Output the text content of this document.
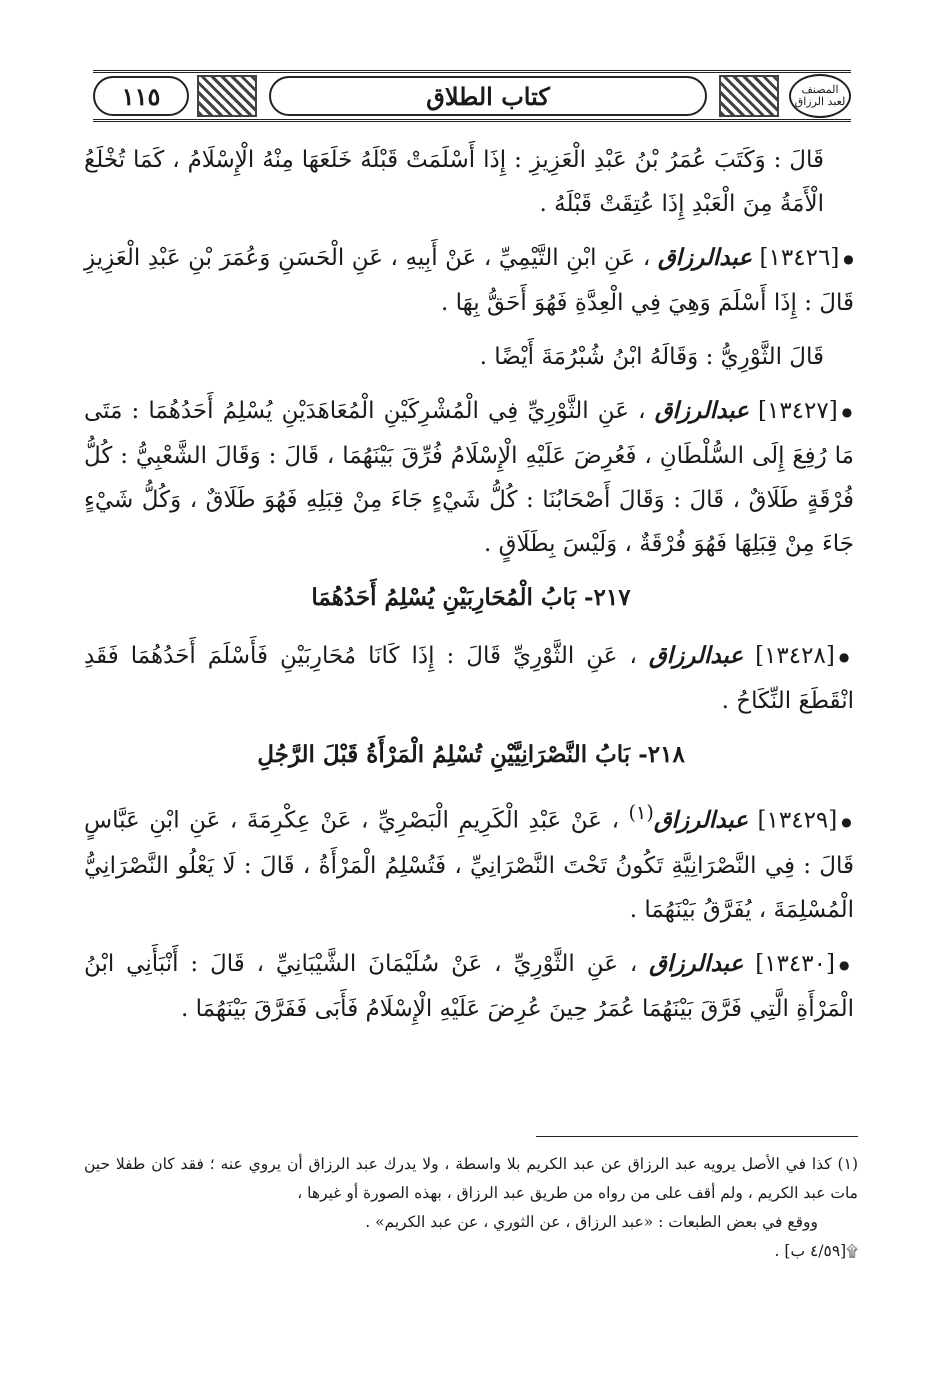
المصنف لعبد الرزاق
كتاب الطلاق
١١٥

قَالَ : وَكَتَبَ عُمَرُ بْنُ عَبْدِ الْعَزِيزِ : إِذَا أَسْلَمَتْ قَبْلَهُ خَلَعَهَا مِنْهُ الْإِسْلَامُ ، كَمَا تُخْلَعُ الْأَمَةُ مِنَ الْعَبْدِ إِذَا عُتِقَتْ قَبْلَهُ .

●[١٣٤٢٦] عبدالرزاق ، عَنِ ابْنِ التَّيْمِيِّ ، عَنْ أَبِيهِ ، عَنِ الْحَسَنِ وَعُمَرَ بْنِ عَبْدِ الْعَزِيزِ قَالَ : إِذَا أَسْلَمَ وَهِيَ فِي الْعِدَّةِ فَهُوَ أَحَقُّ بِهَا .

قَالَ الثَّوْرِيُّ : وَقَالَهُ ابْنُ شُبْرُمَةَ أَيْضًا .

●[١٣٤٢٧] عبدالرزاق ، عَنِ الثَّوْرِيِّ فِي الْمُشْرِكَيْنِ الْمُعَاهَدَيْنِ يُسْلِمُ أَحَدُهُمَا : مَتَى مَا رُفِعَ إِلَى السُّلْطَانِ ، فَعُرِضَ عَلَيْهِ الْإِسْلَامُ فُرِّقَ بَيْنَهُمَا ، قَالَ : وَقَالَ الشَّعْبِيُّ : كُلُّ فُرْقَةٍ طَلَاقٌ ، قَالَ : وَقَالَ أَصْحَابُنَا : كُلُّ شَيْءٍ جَاءَ مِنْ قِبَلِهِ فَهُوَ طَلَاقٌ ، وَكُلُّ شَيْءٍ جَاءَ مِنْ قِبَلِهَا فَهُوَ فُرْقَةٌ ، وَلَيْسَ بِطَلَاقٍ .

٢١٧- بَابُ الْمُحَارِبَيْنِ يُسْلِمُ أَحَدُهُمَا

●[١٣٤٢٨] عبدالرزاق ، عَنِ الثَّوْرِيِّ قَالَ : إِذَا كَانَا مُحَارِبَيْنِ فَأَسْلَمَ أَحَدُهُمَا فَقَدِ انْقَطَعَ النِّكَاحُ .

٢١٨- بَابُ النَّصْرَانِيَّيْنِ تُسْلِمُ الْمَرْأَةُ قَبْلَ الرَّجُلِ

●[١٣٤٢٩] عبدالرزاق$^{(١)}$ ، عَنْ عَبْدِ الْكَرِيمِ الْبَصْرِيِّ ، عَنْ عِكْرِمَةَ ، عَنِ ابْنِ عَبَّاسٍ قَالَ : فِي النَّصْرَانِيَّةِ تَكُونُ تَحْتَ النَّصْرَانِيِّ ، فَتُسْلِمُ الْمَرْأَةُ ، قَالَ : لَا يَعْلُو النَّصْرَانِيُّ الْمُسْلِمَةَ ، يُفَرَّقُ بَيْنَهُمَا .

●[١٣٤٣٠] عبدالرزاق ، عَنِ الثَّوْرِيِّ ، عَنْ سُلَيْمَانَ الشَّيْبَانِيِّ ، قَالَ : أَنْبَأَنِي ابْنُ الْمَرْأَةِ الَّتِي فَرَّقَ بَيْنَهُمَا عُمَرُ حِينَ عُرِضَ عَلَيْهِ الْإِسْلَامُ فَأَبَى فَفَرَّقَ بَيْنَهُمَا .

(١) كذا في الأصل يرويه عبد الرزاق عن عبد الكريم بلا واسطة ، ولا يدرك عبد الرزاق أن يروي عنه ؛ فقد كان طفلا حين مات عبد الكريم ، ولم أقف على من رواه من طريق عبد الرزاق ، بهذه الصورة أو غيرها ،

ووقع في بعض الطبعات : «عبد الرزاق ، عن الثوري ، عن عبد الكريم» .

۩[٤/٥٩ ب] .
